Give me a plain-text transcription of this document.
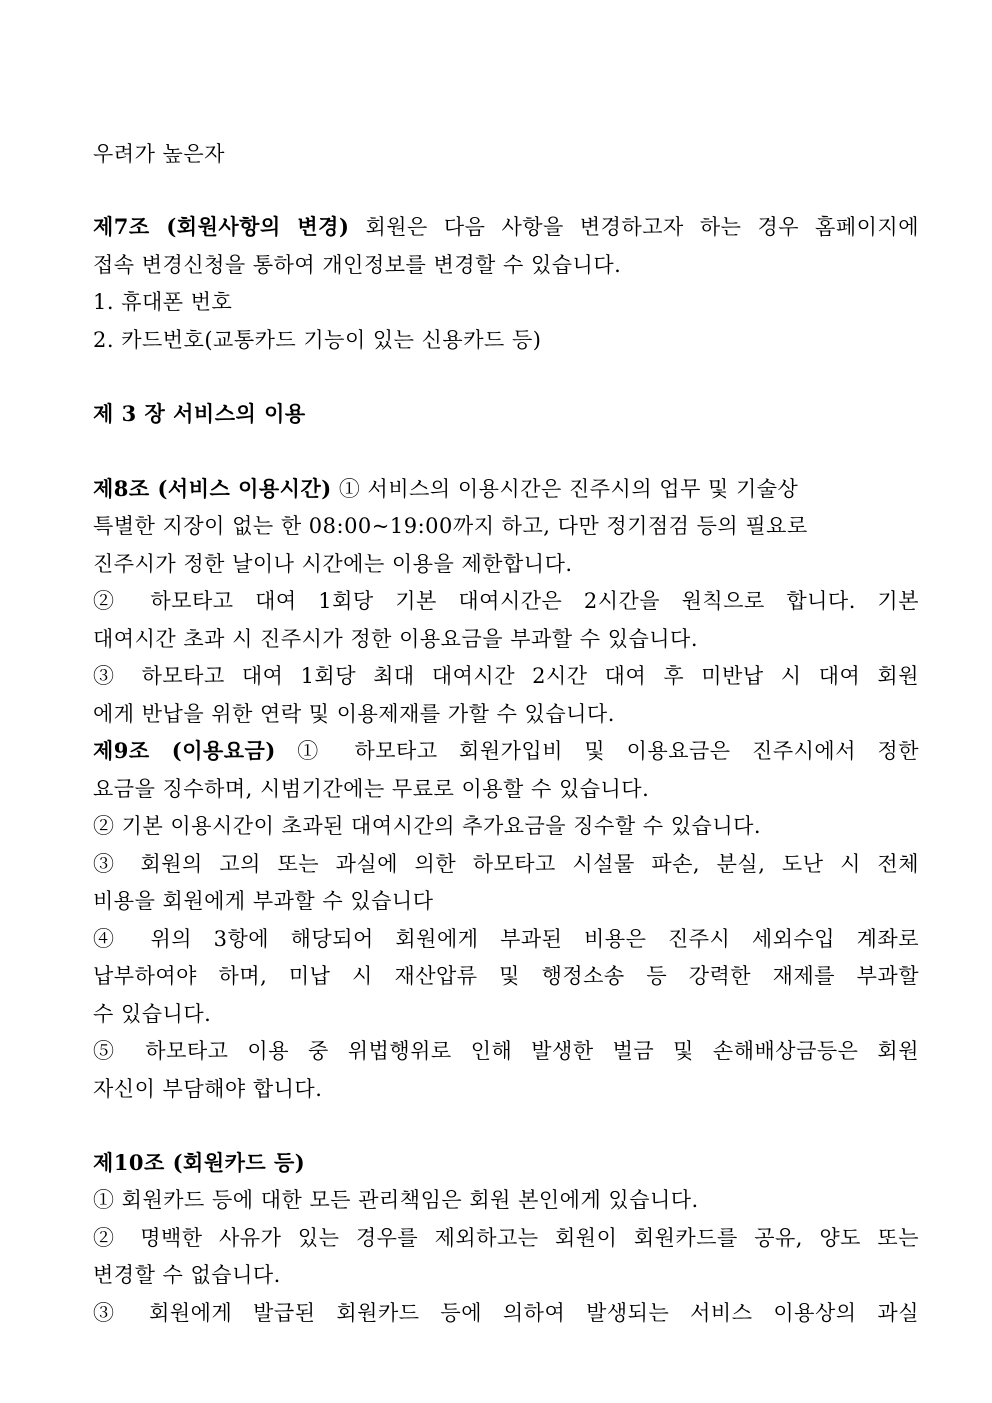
우려가 높은자
제7조 (회원사항의 변경) 회원은 다음 사항을 변경하고자 하는 경우 홈페이지에
접속 변경신청을 통하여 개인정보를 변경할 수 있습니다.
1. 휴대폰 번호
2. 카드번호(교통카드 기능이 있는 신용카드 등)
제 3 장 서비스의 이용
제8조 (서비스 이용시간) ① 서비스의 이용시간은 진주시의 업무 및 기술상
특별한 지장이 없는 한 08:00~19:00까지 하고, 다만 정기점검 등의 필요로
진주시가 정한 날이나 시간에는 이용을 제한합니다.
② 하모타고 대여 1회당 기본 대여시간은 2시간을 원칙으로 합니다. 기본
대여시간 초과 시 진주시가 정한 이용요금을 부과할 수 있습니다.
③ 하모타고 대여 1회당 최대 대여시간 2시간 대여 후 미반납 시 대여 회원
에게 반납을 위한 연락 및 이용제재를 가할 수 있습니다.
제9조 (이용요금) ① 하모타고 회원가입비 및 이용요금은 진주시에서 정한
요금을 징수하며, 시범기간에는 무료로 이용할 수 있습니다.
② 기본 이용시간이 초과된 대여시간의 추가요금을 징수할 수 있습니다.
③ 회원의 고의 또는 과실에 의한 하모타고 시설물 파손, 분실, 도난 시 전체
비용을 회원에게 부과할 수 있습니다
④ 위의 3항에 해당되어 회원에게 부과된 비용은 진주시 세외수입 계좌로
납부하여야 하며, 미납 시 재산압류 및 행정소송 등 강력한 재제를 부과할
수 있습니다.
⑤ 하모타고 이용 중 위법행위로 인해 발생한 벌금 및 손해배상금등은 회원
자신이 부담해야 합니다.
제10조 (회원카드 등)
① 회원카드 등에 대한 모든 관리책임은 회원 본인에게 있습니다.
② 명백한 사유가 있는 경우를 제외하고는 회원이 회원카드를 공유, 양도 또는
변경할 수 없습니다.
③ 회원에게 발급된 회원카드 등에 의하여 발생되는 서비스 이용상의 과실
